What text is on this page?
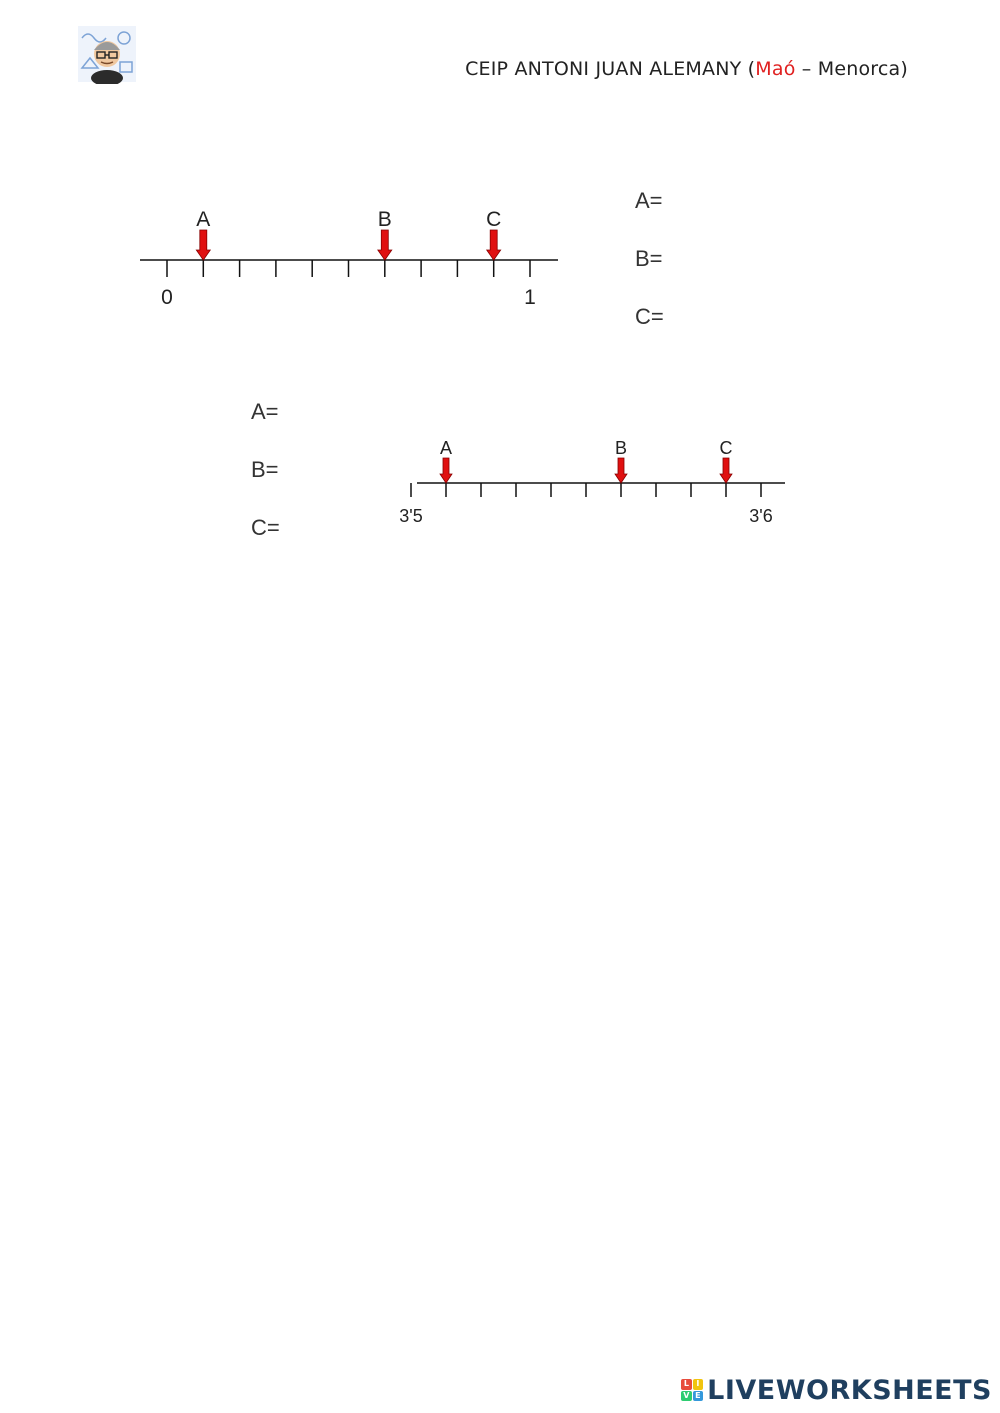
CEIP ANTONI JUAN ALEMANY (Maó – Menorca)
0	1
A	B	C
A=
B=
C=
A=
B=
C=	3'5	3'6
A	B	C
L I
V E LIVEWORKSHEETS
